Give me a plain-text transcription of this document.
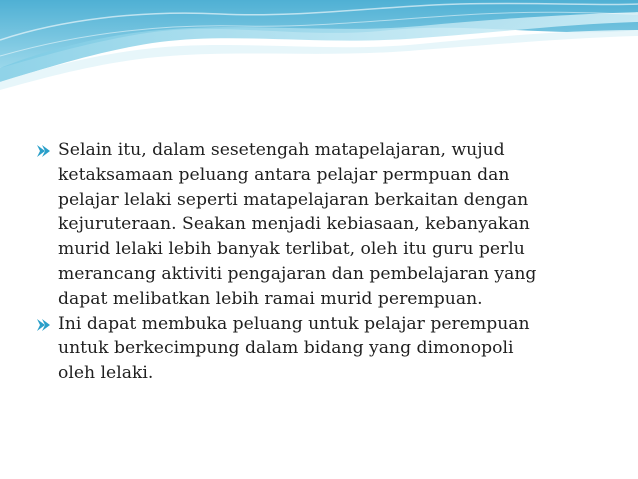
Selain itu, dalam sesetengah matapelajaran, wujud
ketaksamaan peluang antara pelajar permpuan dan
pelajar lelaki seperti matapelajaran berkaitan dengan
kejuruteraan. Seakan menjadi kebiasaan, kebanyakan
murid lelaki lebih banyak terlibat, oleh itu guru perlu
merancang aktiviti pengajaran dan pembelajaran yang
dapat melibatkan lebih ramai murid perempuan.
Ini dapat membuka peluang untuk pelajar perempuan
untuk berkecimpung dalam bidang yang dimonopoli
oleh lelaki.
